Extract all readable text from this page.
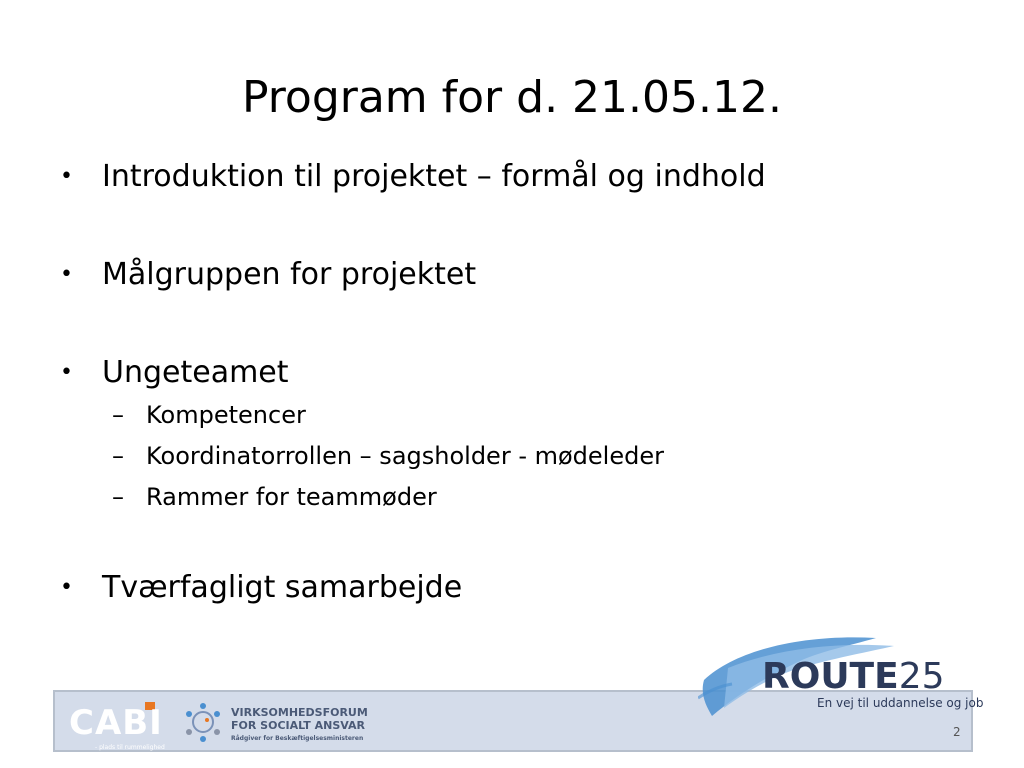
Program for d. 21.05.12.
• Introduktion til projektet – formål og indhold
• Målgruppen for projektet
• Ungeteamet
– Kompetencer
– Koordinatorrollen – sagsholder - mødeleder
– Rammer for teammøder
• Tværfagligt samarbejde
CABI
- plads til rummelighed
VIRKSOMHEDSFORUM
FOR SOCIALT ANSVAR
Rådgiver for Beskæftigelsesministeren
ROUTE25
En vej til uddannelse og job
2
